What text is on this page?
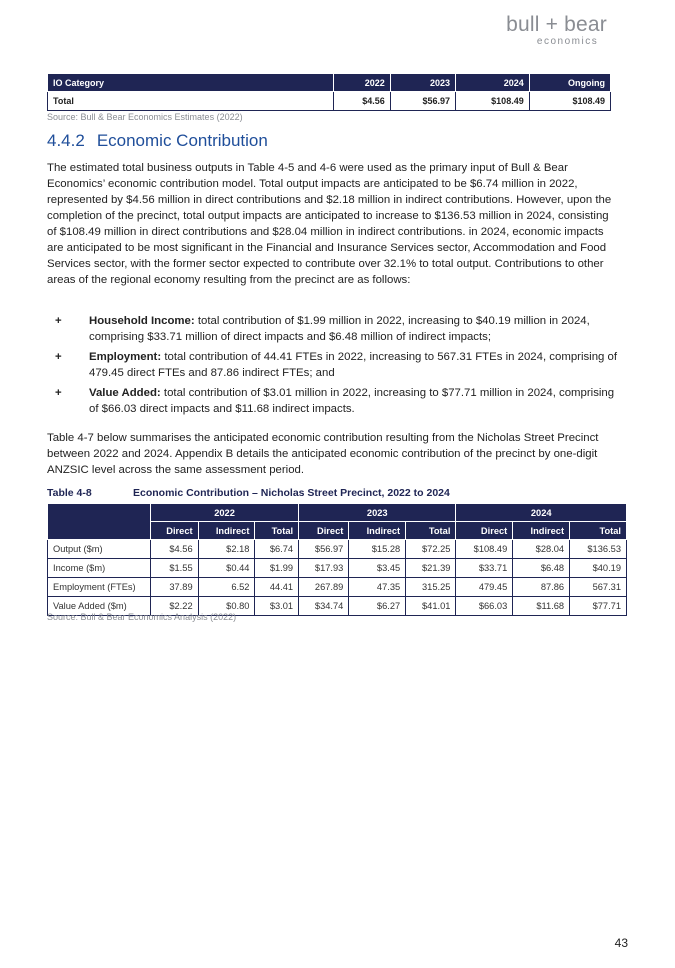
bull + bear
economics
IO Category	2022	2023	2024	Ongoing
Total	$4.56	$56.97	$108.49	$108.49
Source: Bull & Bear Economics Estimates (2022)
4.4.2 Economic Contribution
The estimated total business outputs in Table 4-5 and 4-6 were used as the primary input of Bull & Bear Economics’ economic contribution model. Total output impacts are anticipated to be $6.74 million in 2022, represented by $4.56 million in direct contributions and $2.18 million in indirect contributions. However, upon the completion of the precinct, total output impacts are anticipated to increase to $136.53 million in 2024, consisting of $108.49 million in direct contributions and $28.04 million in indirect contributions. in 2024, economic impacts are anticipated to be most significant in the Financial and Insurance Services sector, Accommodation and Food Services sector, with the former sector expected to contribute over 32.1% to total output. Contributions to other areas of the regional economy resulting from the precinct are as follows:
+ Household Income: total contribution of $1.99 million in 2022, increasing to $40.19 million in 2024, comprising $33.71 million of direct impacts and $6.48 million of indirect impacts;
+ Employment: total contribution of 44.41 FTEs in 2022, increasing to 567.31 FTEs in 2024, comprising of 479.45 direct FTEs and 87.86 indirect FTEs; and
+ Value Added: total contribution of $3.01 million in 2022, increasing to $77.71 million in 2024, comprising of $66.03 direct impacts and $11.68 indirect impacts.
Table 4-7 below summarises the anticipated economic contribution resulting from the Nicholas Street Precinct between 2022 and 2024. Appendix B details the anticipated economic contribution of the precinct by one-digit ANZSIC level across the same assessment period.
Table 4-8	Economic Contribution – Nicholas Street Precinct, 2022 to 2024
	2022			2023			2024		
	Direct	Indirect	Total	Direct	Indirect	Total	Direct	Indirect	Total
Output ($m)	$4.56	$2.18	$6.74	$56.97	$15.28	$72.25	$108.49	$28.04	$136.53
Income ($m)	$1.55	$0.44	$1.99	$17.93	$3.45	$21.39	$33.71	$6.48	$40.19
Employment (FTEs)	37.89	6.52	44.41	267.89	47.35	315.25	479.45	87.86	567.31
Value Added ($m)	$2.22	$0.80	$3.01	$34.74	$6.27	$41.01	$66.03	$11.68	$77.71
Source: Bull & Bear Economics Analysis (2022)
43
